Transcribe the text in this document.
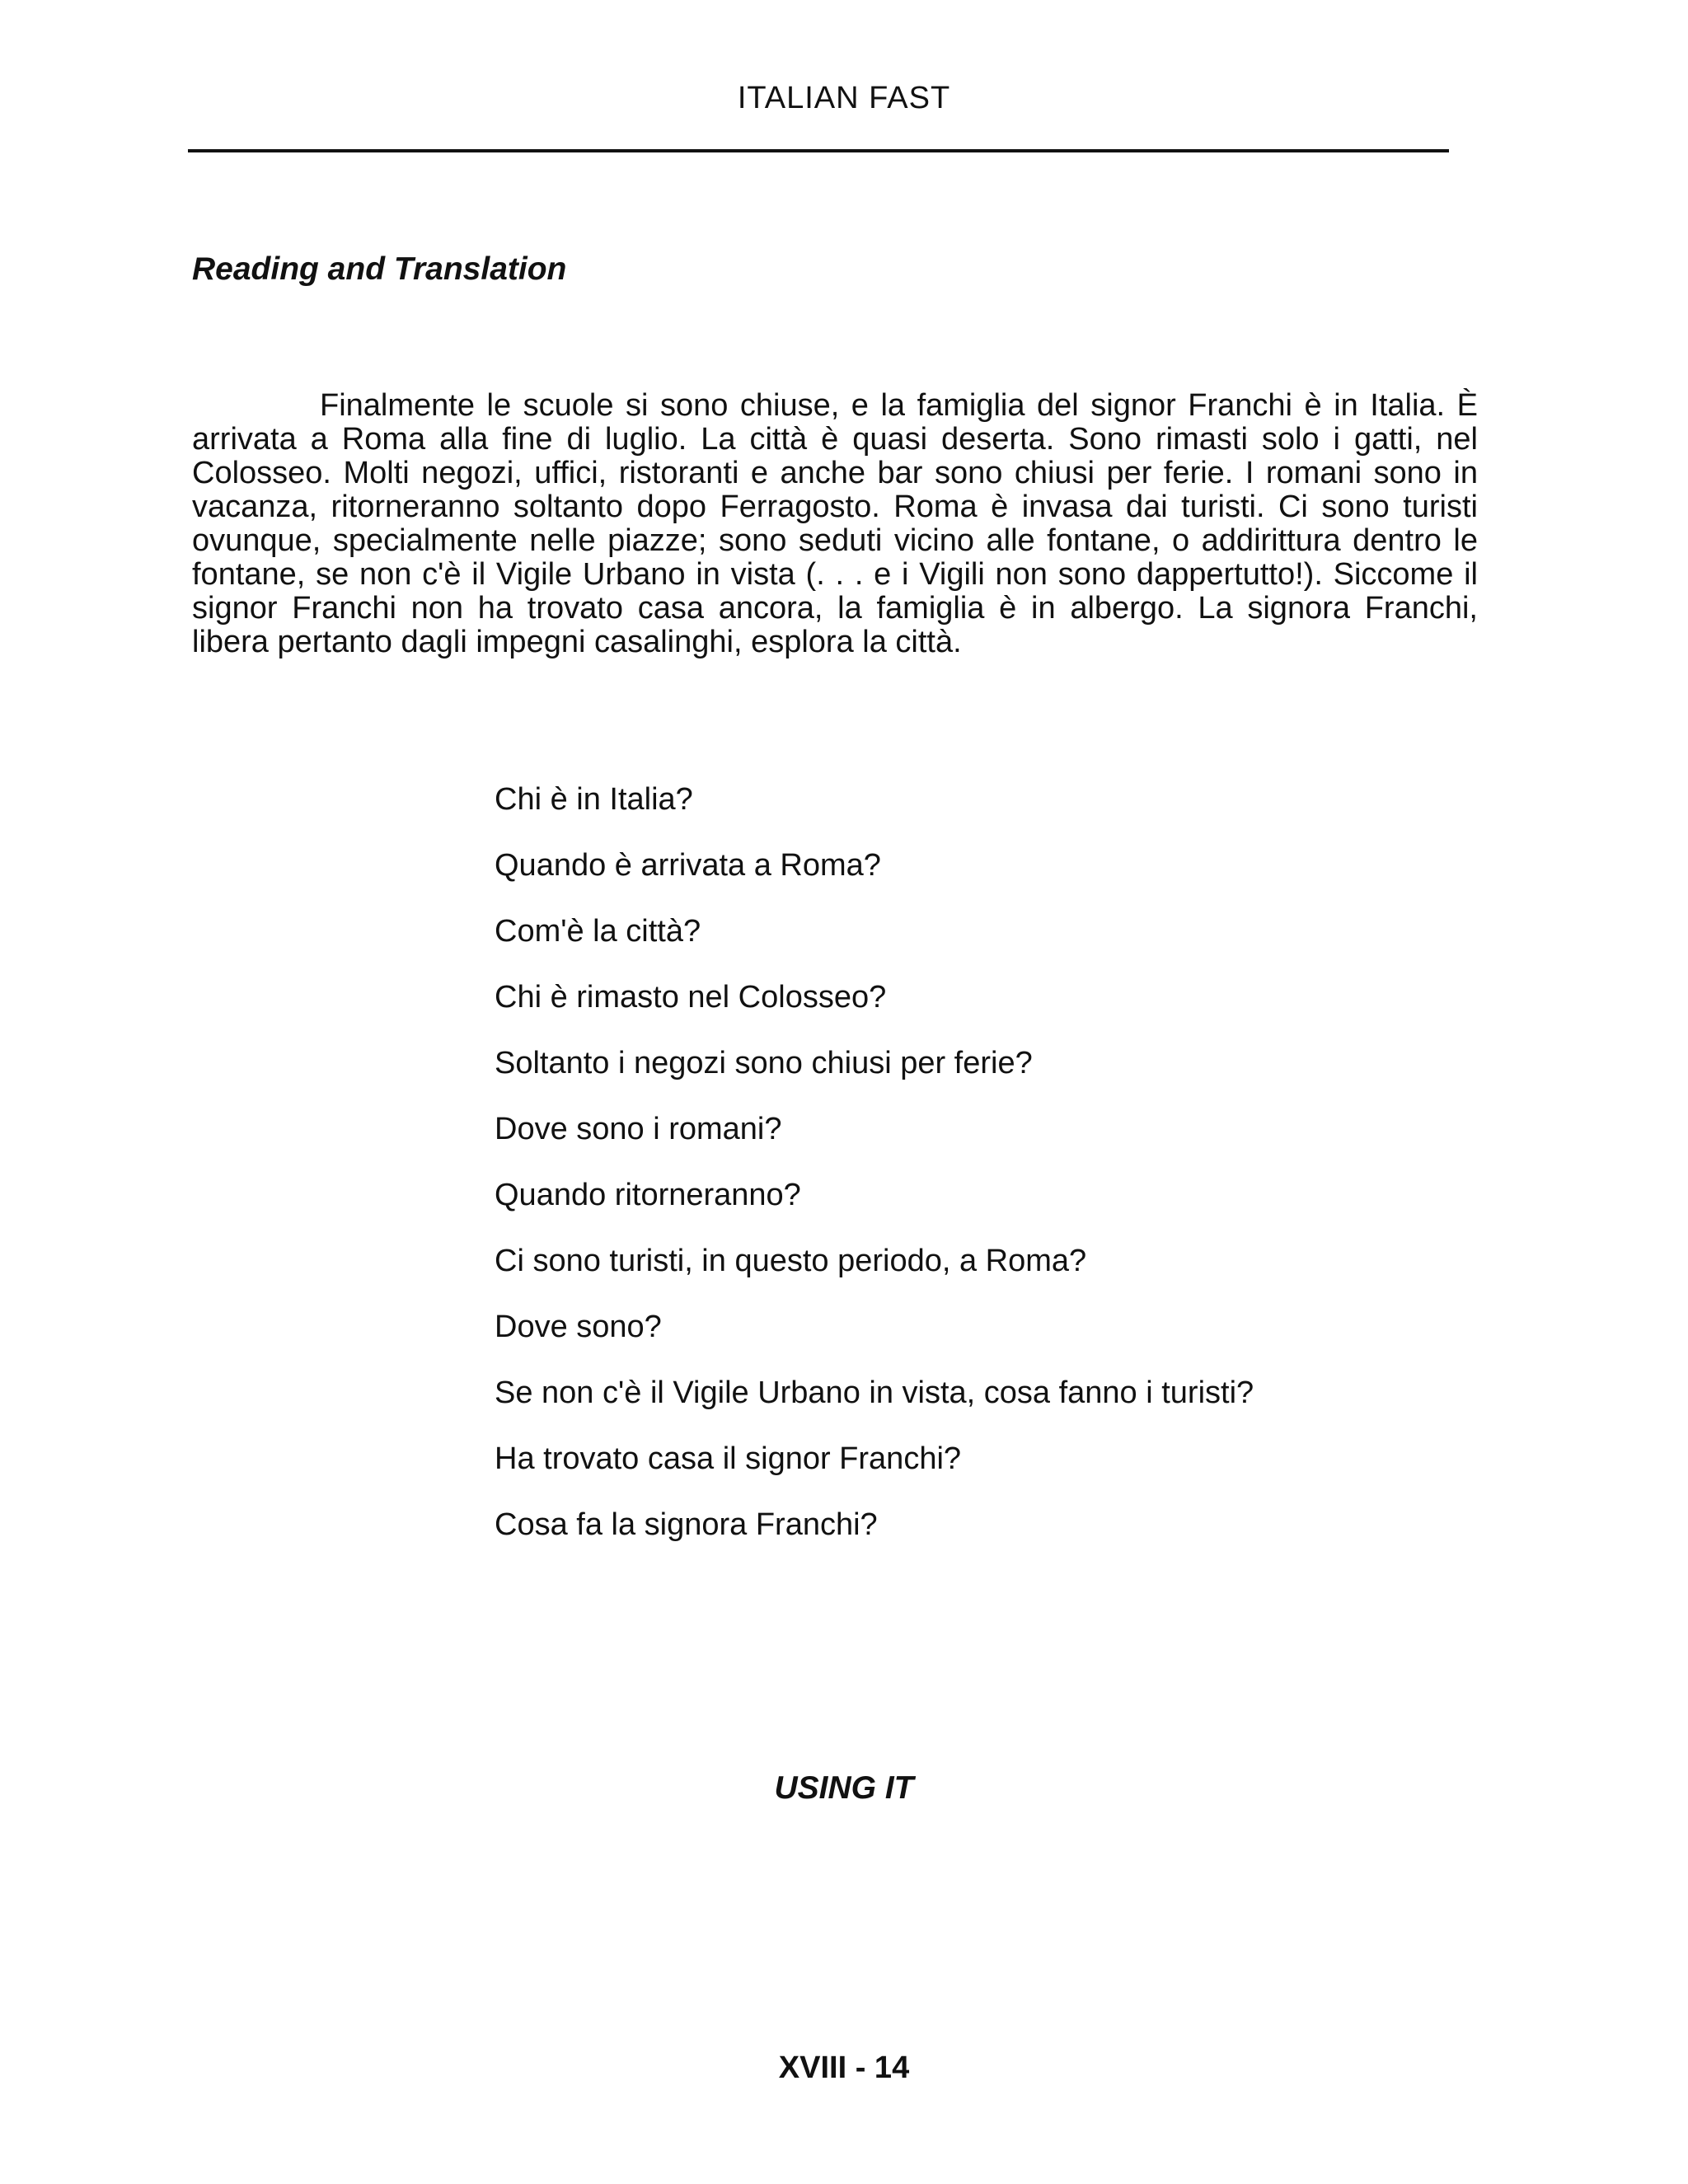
ITALIAN FAST
Reading and Translation

Finalmente le scuole si sono chiuse, e la famiglia del signor Franchi è in Italia. È arrivata a Roma alla fine di luglio. La città è quasi deserta. Sono rimasti solo i gatti, nel Colosseo. Molti negozi, uffici, ristoranti e anche bar sono chiusi per ferie. I romani sono in vacanza, ritorneranno soltanto dopo Ferragosto. Roma è invasa dai turisti. Ci sono turisti ovunque, specialmente nelle piazze; sono seduti vicino alle fontane, o addirittura dentro le fontane, se non c'è il Vigile Urbano in vista (. . . e i Vigili non sono dappertutto!). Siccome il signor Franchi non ha trovato casa ancora, la famiglia è in albergo. La signora Franchi, libera pertanto dagli impegni casalinghi, esplora la città.

Chi è in Italia?
Quando è arrivata a Roma?
Com'è la città?
Chi è rimasto nel Colosseo?
Soltanto i negozi sono chiusi per ferie?
Dove sono i romani?
Quando ritorneranno?
Ci sono turisti, in questo periodo, a Roma?
Dove sono?
Se non c'è il Vigile Urbano in vista, cosa fanno i turisti?
Ha trovato casa il signor Franchi?
Cosa fa la signora Franchi?
USING IT
XVIII - 14
